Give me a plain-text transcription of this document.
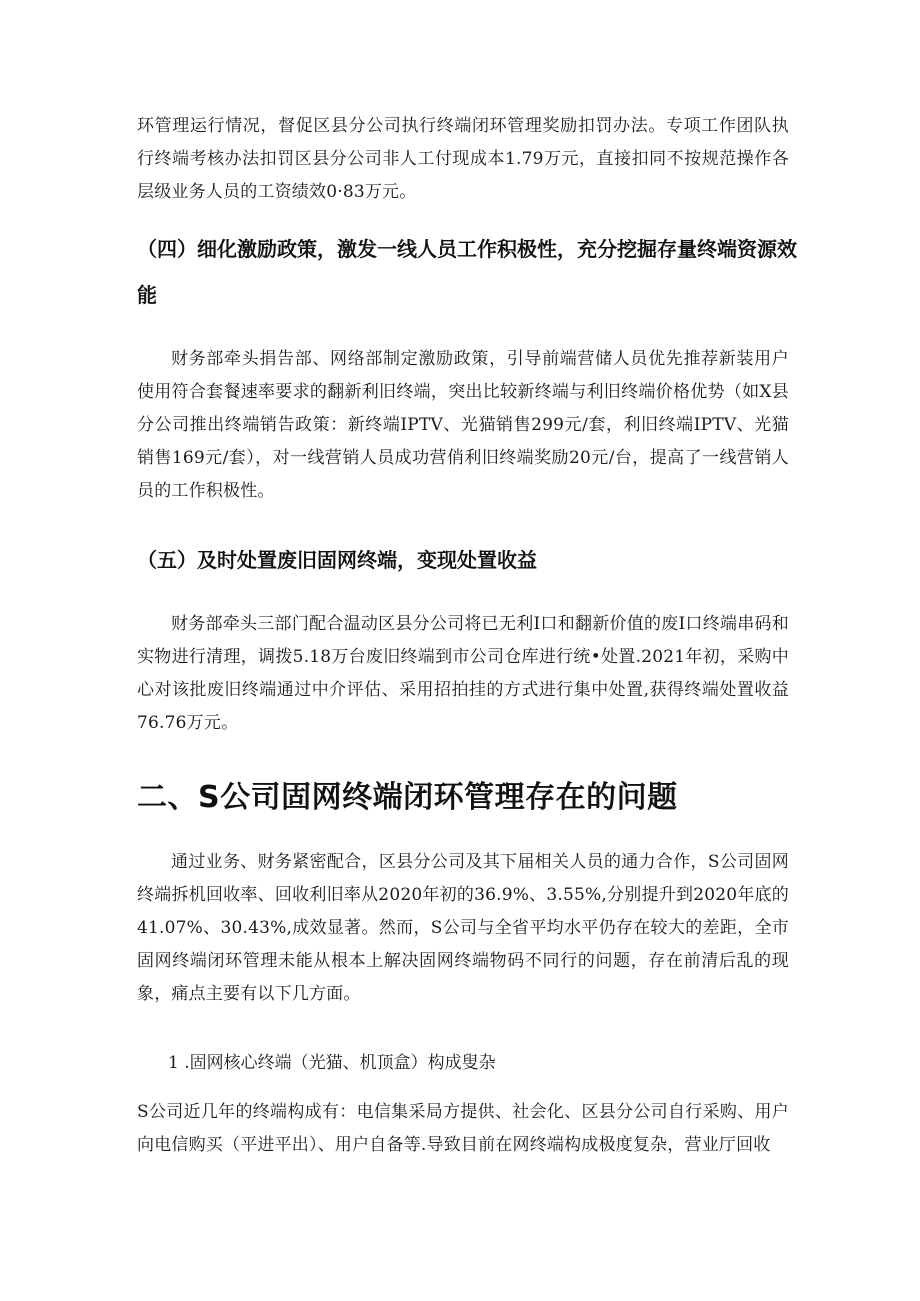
环管理运行情况，督促区县分公司执行终端闭环管理奖励扣罚办法。专项工作团队执行终端考核办法扣罚区县分公司非人工付现成本1.79万元，直接扣同不按规范操作各层级业务人员的工资绩效0·83万元。

（四）细化激励政策，激发一线人员工作积极性，充分挖掘存量终端资源效能

财务部牵头捐告部、网络部制定激励政策，引导前端营储人员优先推荐新装用户使用符合套餐速率要求的翻新利旧终端，突出比较新终端与利旧终端价格优势（如X县分公司推出终端销告政策：新终端IPTV、光猫销售299元/套，利旧终端IPTV、光猫销售169元/套），对一线营销人员成功营俏利旧终端奖励20元/台，提高了一线营销人员的工作积极性。

（五）及时处置废旧固网终端，变现处置收益

财务部牵头三部门配合温动区县分公司将已无利I口和翻新价值的废I口终端串码和实物进行清理，调拨5.18万台废旧终端到市公司仓库进行统•处置.2021年初，采购中心对该批废旧终端通过中介评估、采用招拍挂的方式进行集中处置,获得终端处置收益76.76万元。

二、S公司固网终端闭环管理存在的问题

通过业务、财务紧密配合，区县分公司及其下届相关人员的通力合作，S公司固网终端拆机回收率、回收利旧率从2020年初的36.9%、3.55%,分别提升到2020年底的41.07%、30.43%,成效显著。然而，S公司与全省平均水平仍存在较大的差距，全市固网终端闭环管理未能从根本上解决固网终端物码不同行的问题，存在前清后乱的现象，痛点主要有以下几方面。

1 .固网核心终端（光猫、机顶盒）构成叟杂

S公司近几年的终端构成有：电信集采局方提供、社会化、区县分公司自行采购、用户向电信购买（平进平出）、用户自备等.导致目前在网终端构成极度复杂，营业厅回收
